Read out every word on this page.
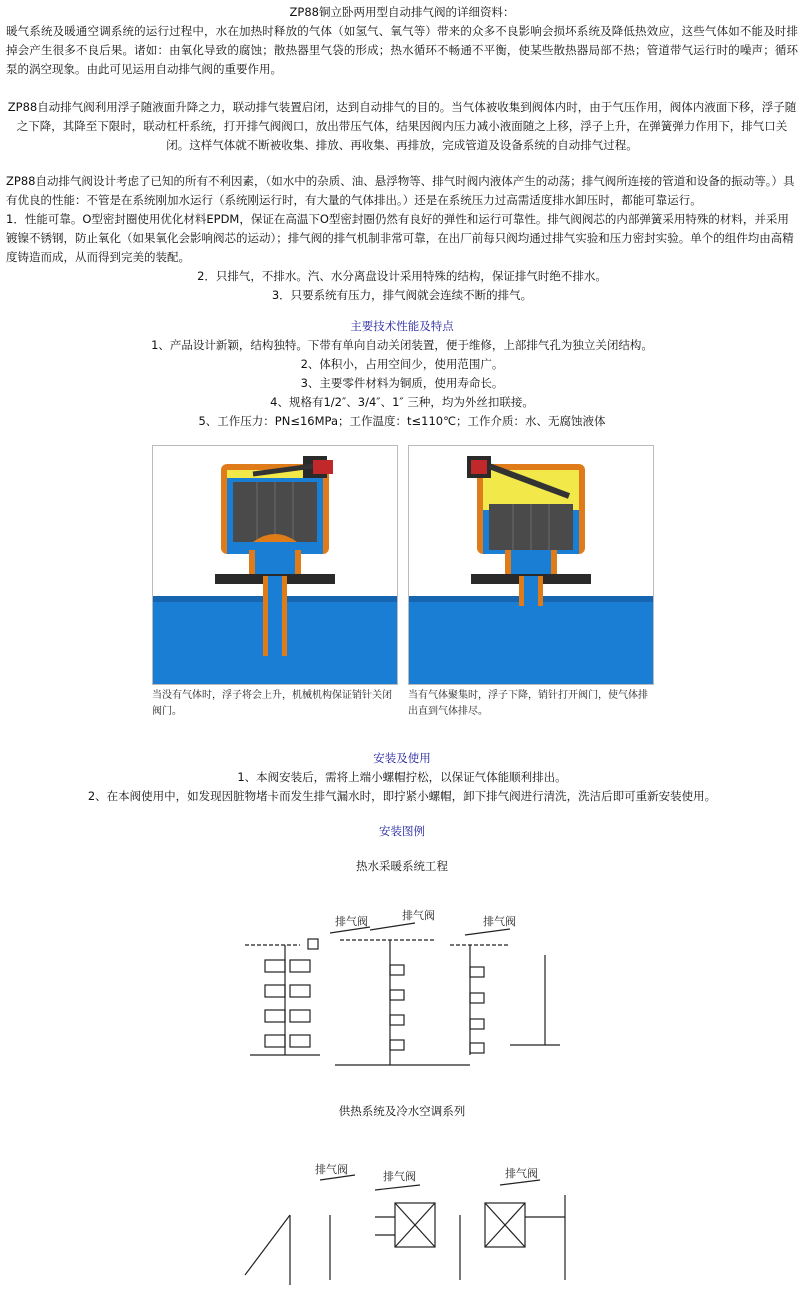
ZP88铜立卧两用型自动排气阀的详细资料：

暖气系统及暖通空调系统的运行过程中，水在加热时释放的气体（如氢气、氧气等）带来的众多不良影响会损坏系统及降低热效应，这些气体如不能及时排掉会产生很多不良后果。诸如：由氧化导致的腐蚀；散热器里气袋的形成；热水循环不畅通不平衡，使某些散热器局部不热；管道带气运行时的噪声；循环泵的涡空现象。由此可见运用自动排气阀的重要作用。

ZP88自动排气阀利用浮子随液面升降之力，联动排气装置启闭，达到自动排气的目的。当气体被收集到阀体内时，由于气压作用，阀体内液面下移，浮子随之下降，其降至下限时，联动杠杆系统，打开排气阀阀口，放出带压气体，结果因阀内压力减小液面随之上移，浮子上升，在弹簧弹力作用下，排气口关闭。这样气体就不断被收集、排放、再收集、再排放，完成管道及设备系统的自动排气过程。

ZP88自动排气阀设计考虑了已知的所有不利因素，（如水中的杂质、油、悬浮物等、排气时阀内液体产生的动荡；排气阀所连接的管道和设备的振动等。）具有优良的性能：不管是在系统刚加水运行（系统刚运行时，有大量的气体排出。）还是在系统压力过高需适度排水卸压时，都能可靠运行。

1．性能可靠。O型密封圈使用优化材料EPDM，保证在高温下O型密封圈仍然有良好的弹性和运行可靠性。排气阀阀芯的内部弹簧采用特殊的材料，并采用镀镍不锈钢，防止氧化（如果氧化会影响阀芯的运动）；排气阀的排气机制非常可靠，在出厂前每只阀均通过排气实验和压力密封实验。单个的组件均由高精度铸造而成，从而得到完美的装配。

2．只排气，不排水。汽、水分离盘设计采用特殊的结构，保证排气时绝不排水。

3．只要系统有压力，排气阀就会连续不断的排气。

主要技术性能及特点

1、产品设计新颖，结构独特。下带有单向自动关闭装置，便于维修，上部排气孔为独立关闭结构。

2、体积小，占用空间少，使用范围广。

3、主要零件材料为铜质，使用寿命长。

4、规格有1/2″、3/4″、1″ 三种，均为外丝扣联接。

5、工作压力：PN≤16MPa；工作温度：t≤110℃；工作介质：水、无腐蚀液体

当没有气体时，浮子将会上升，机械机构保证销针关闭阀门。
当有气体聚集时，浮子下降，销针打开阀门，使气体排出直到气体排尽。

安装及使用

1、本阀安装后，需将上端小螺帽拧松，以保证气体能顺利排出。

2、在本阀使用中，如发现因脏物堵卡而发生排气漏水时，即拧紧小螺帽，卸下排气阀进行清洗，洗洁后即可重新安装使用。

安装图例

热水采暖系统工程

排气阀	排气阀	排气阀

供热系统及冷水空调系列

排气阀
排气阀	排气阀
